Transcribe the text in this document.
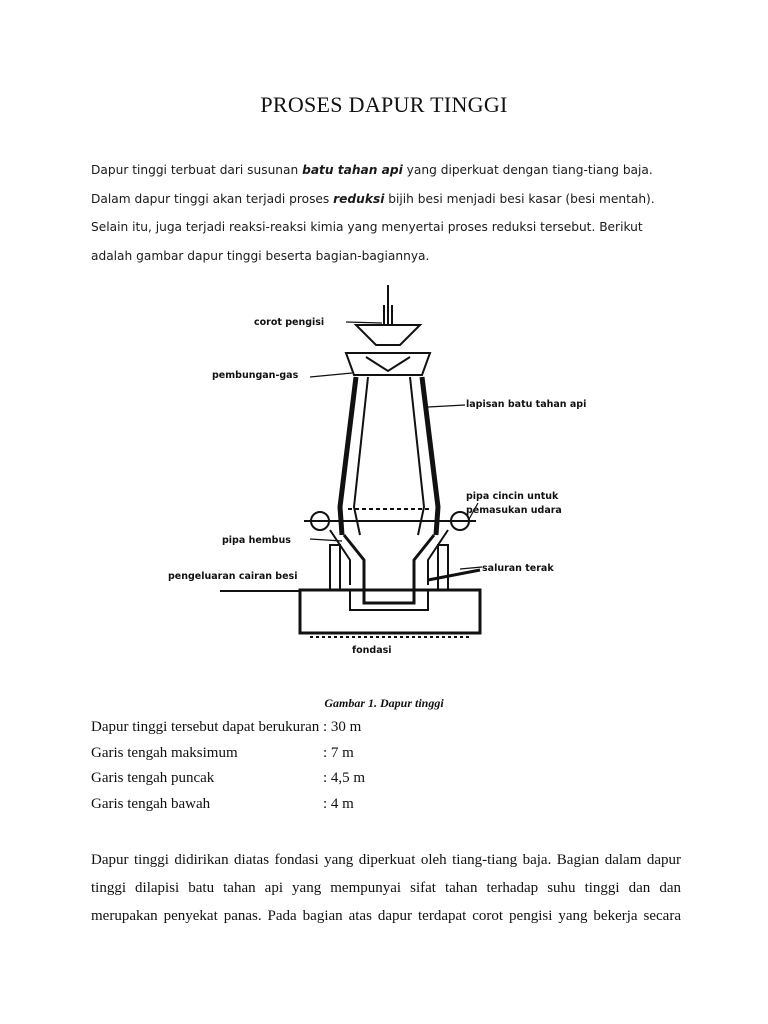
PROSES DAPUR TINGGI

Dapur tinggi terbuat dari susunan batu tahan api yang diperkuat dengan tiang-tiang baja.

Dalam dapur tinggi akan terjadi proses reduksi bijih besi menjadi besi kasar (besi mentah).

Selain itu, juga terjadi reaksi-reaksi kimia yang menyertai proses reduksi tersebut. Berikut

adalah gambar dapur tinggi beserta bagian-bagiannya.

corot pengisi
pembungan-gas
lapisan batu tahan api
pipa cincin untuk
pemasukan udara
pipa hembus
saluran terak
pengeluaran cairan besi
fondasi
Gambar 1. Dapur tinggi
Dapur tinggi tersebut dapat berukuran : 30 m
Garis tengah maksimum	: 7 m
Garis tengah puncak	: 4,5 m
Garis tengah bawah	: 4 m
Dapur tinggi didirikan diatas fondasi yang diperkuat oleh tiang-tiang baja. Bagian dalam dapur
tinggi dilapisi batu tahan api yang mempunyai sifat tahan terhadap suhu tinggi dan dan
merupakan penyekat panas. Pada bagian atas dapur terdapat corot pengisi yang bekerja secara
